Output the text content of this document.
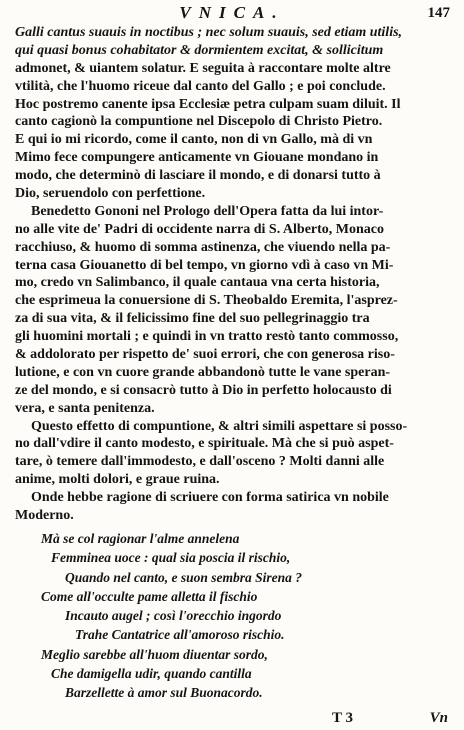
VNICA.	147
Galli cantus suauis in noctibus ; nec solum suauis, sed etiam utilis,
qui quasi bonus cohabitator & dormientem excitat, & sollicitum
admonet, & uiantem solatur. E seguita à raccontare molte altre
vtilità, che l'huomo riceue dal canto del Gallo ; e poi conclude.
Hoc postremo canente ipsa Ecclesiæ petra culpam suam diluit. Il
canto cagionò la compuntione nel Discepolo di Christo Pietro.
E qui io mi ricordo, come il canto, non di vn Gallo, mà di vn
Mimo fece compungere anticamente vn Giouane mondano in
modo, che determinò di lasciare il mondo, e di donarsi tutto à
Dio, seruendolo con perfettione.
Benedetto Gononi nel Prologo dell'Opera fatta da lui intor-
no alle vite de' Padri di occidente narra di S. Alberto, Monaco
racchiuso, & huomo di somma astinenza, che viuendo nella pa-
terna casa Giouanetto di bel tempo, vn giorno vdì à caso vn Mi-
mo, credo vn Salimbanco, il quale cantaua vna certa historia,
che esprimeua la conuersione di S. Theobaldo Eremita, l'asprez-
za di sua vita, & il felicissimo fine del suo pellegrinaggio tra
gli huomini mortali ; e quindi in vn tratto restò tanto commosso,
& addolorato per rispetto de' suoi errori, che con generosa riso-
lutione, e con vn cuore grande abbandonò tutte le vane speran-
ze del mondo, e si consacrò tutto à Dio in perfetto holocausto di
vera, e santa penitenza.
Questo effetto di compuntione, & altri simili aspettare si posso-
no dall'vdire il canto modesto, e spirituale. Mà che si può aspet-
tare, ò temere dall'immodesto, e dall'osceno ? Molti danni alle
anime, molti dolori, e graue ruina.
Onde hebbe ragione di scriuere con forma satirica vn nobile
Moderno.
Mà se col ragionar l'alme annelena
Femminea uoce : qual sia poscia il rischio,
Quando nel canto, e suon sembra Sirena ?
Come all'occulte pame alletta il fischio
Incauto augel ; così l'orecchio ingordo
Trahe Cantatrice all'amoroso rischio.
Meglio sarebbe all'huom diuentar sordo,
Che damigella udir, quando cantilla
Barzellette à amor sul Buonacordo.
T 3	Vn
